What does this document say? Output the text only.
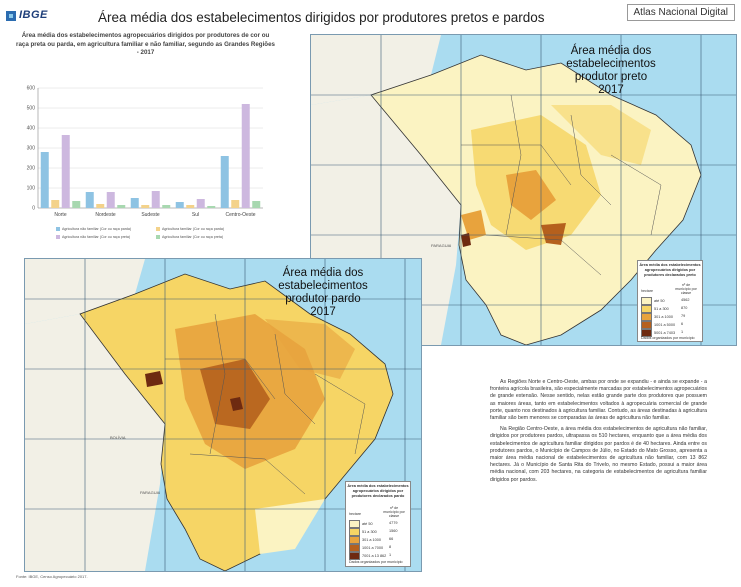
IBGE	Área média dos estabelecimentos dirigidos por produtores pretos e pardos	Atlas Nacional Digital
Área média dos estabelecimentos agropecuários dirigidos por produtores de cor ou raça preta ou parda, em agricultura familiar e não familiar, segundo as Grandes Regiões - 2017
0
100
200
300
400
500
600
Norte	Nordeste	Sudeste	Sul	Centro-Oeste
Agricultura não familiar (Cor ou raça parda)	Agricultura familiar (Cor ou raça parda)
Agricultura não familiar (Cor ou raça preta)	Agricultura familiar (Cor ou raça preta)
PARAGUAI
Área média dos estabelecimentos produtor preto 2017
Área média dos estabelecimentos agropecuários dirigidos por produtores declarados preto
hectare
nº de município por classe
até 50	4562
51 a 300	870
301 a 1000 79
1001 a 5000 6
5001 a 7403 1
Dados organizados por município
BOLÍVIA
PARAGUAI
Área média dos estabelecimentos produtor pardo 2017
Área média dos estabelecimentos agropecuários dirigidos por produtores declarados pardo
hectare
nº de município por classe
até 50	4779
51 a 300	1560
301 a 1000 66
1001 a 7000 8
7001 a 13 862 1
Dados organizados por município

As Regiões Norte e Centro-Oeste, ambas por onde se expandiu - e ainda se expande - a fronteira agrícola brasileira, são especialmente marcadas por estabelecimentos agropecuários de grande extensão. Nesse sentido, nelas estão grande parte dos produtores que possuem as maiores áreas, tanto em estabelecimentos voltados à agropecuária comercial de grande porte, quanto nos destinados à agricultura familiar. Contudo, as áreas destinadas à agricultura familiar são bem menores se comparadas às áreas de agricultura não familiar.

Na Região Centro-Oeste, a área média dos estabelecimentos de agricultura não familiar, dirigidos por produtores pardos, ultrapassa os 510 hectares, enquanto que a área média dos estabelecimentos de agricultura familiar dirigidos por pardos é de 40 hectares. Ainda entre os produtores pardos, o Município de Campos de Júlio, no Estado do Mato Grosso, apresenta a maior área média nacional de estabelecimentos de agricultura não familiar, com 13 862 hectares. Já o Município de Santa Rita do Trivelo, no mesmo Estado, possui a maior área média nacional, com 203 hectares, na categoria de estabelecimentos de agricultura familiar dirigidos por pardos.

Fonte: IBGE, Censo Agropecuário 2017.
